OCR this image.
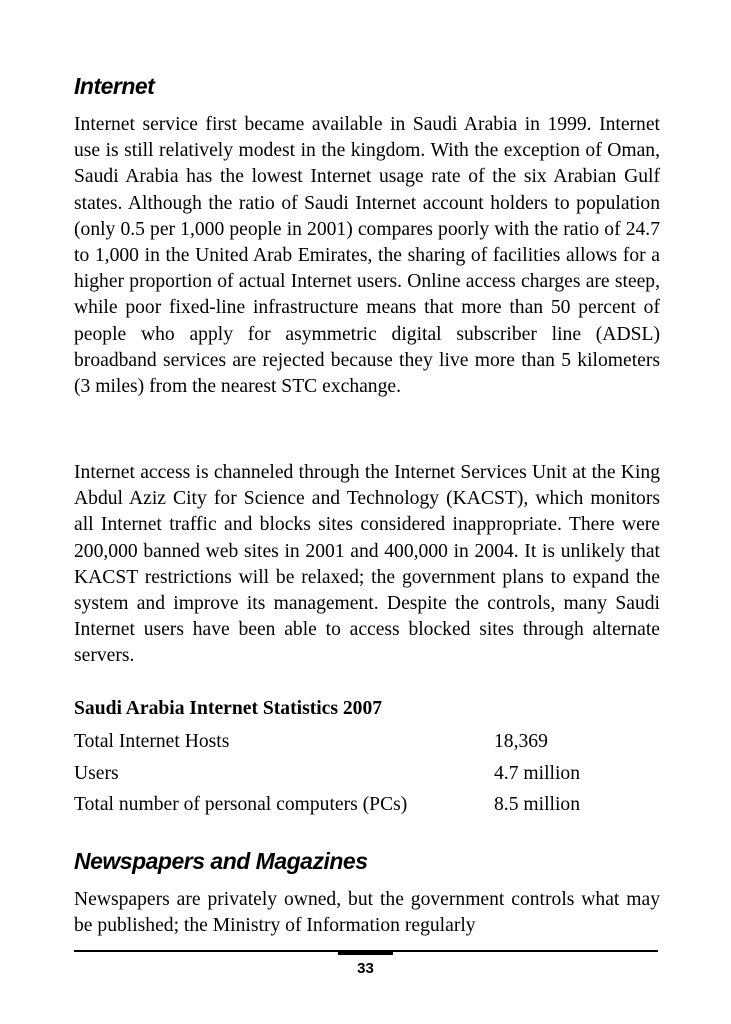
Internet

Internet service first became available in Saudi Arabia in 1999. Internet use is still relatively modest in the kingdom. With the exception of Oman, Saudi Arabia has the lowest Internet usage rate of the six Arabian Gulf states. Although the ratio of Saudi Internet account holders to population (only 0.5 per 1,000 people in 2001) compares poorly with the ratio of 24.7 to 1,000 in the United Arab Emirates, the sharing of facilities allows for a higher proportion of actual Internet users. Online access charges are steep, while poor fixed-line infrastructure means that more than 50 percent of people who apply for asymmetric digital subscriber line (ADSL) broadband services are rejected because they live more than 5 kilometers (3 miles) from the nearest STC exchange.

Internet access is channeled through the Internet Services Unit at the King Abdul Aziz City for Science and Technology (KACST), which monitors all Internet traffic and blocks sites considered inappropriate. There were 200,000 banned web sites in 2001 and 400,000 in 2004. It is unlikely that KACST restrictions will be relaxed; the government plans to expand the system and improve its management. Despite the controls, many Saudi Internet users have been able to access blocked sites through alternate servers.

Saudi Arabia Internet Statistics 2007
Total Internet Hosts	18,369
Users	4.7 million
Total number of personal computers (PCs)	8.5 million
Newspapers and Magazines

Newspapers are privately owned, but the government controls what may be published; the Ministry of Information regularly

33
